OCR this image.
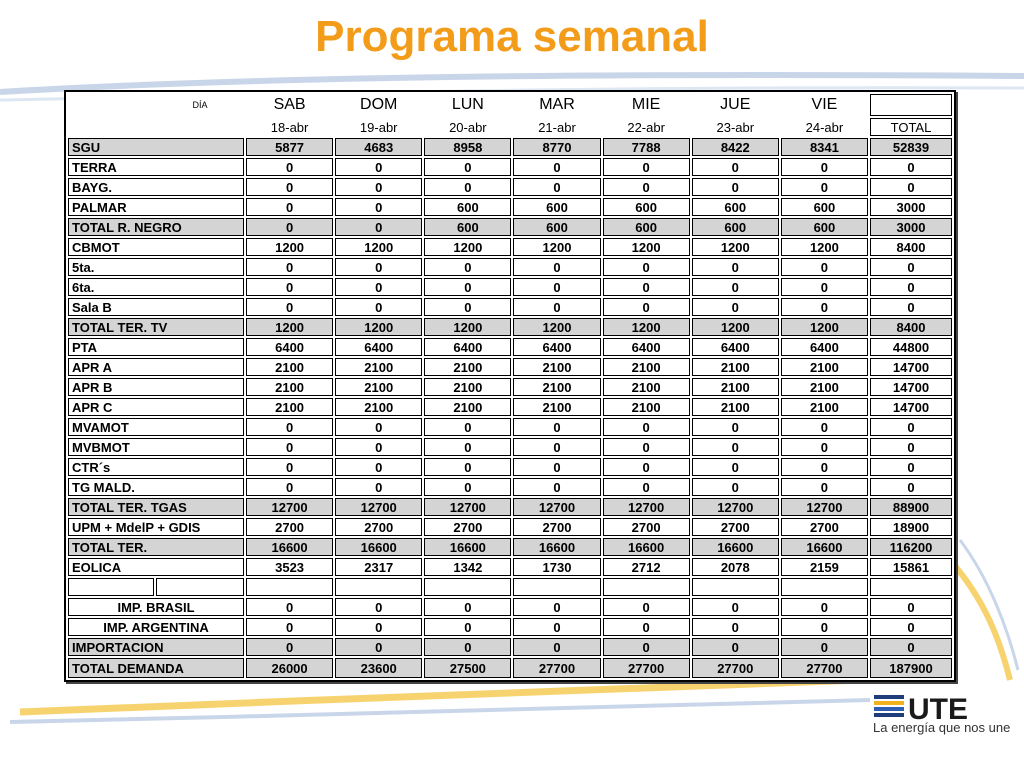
Programa semanal
	DÍA	SAB	DOM	LUN	MAR	MIE	JUE	VIE	
		18-abr	19-abr	20-abr	21-abr	22-abr	23-abr	24-abr	TOTAL
SGU		5877	4683	8958	8770	7788	8422	8341	52839
TERRA		0	0	0	0	0	0	0	0
BAYG.		0	0	0	0	0	0	0	0
PALMAR		0	0	600	600	600	600	600	3000
TOTAL R. NEGRO		0	0	600	600	600	600	600	3000
CBMOT		1200	1200	1200	1200	1200	1200	1200	8400
5ta.		0	0	0	0	0	0	0	0
6ta.		0	0	0	0	0	0	0	0
Sala B		0	0	0	0	0	0	0	0
TOTAL TER. TV		1200	1200	1200	1200	1200	1200	1200	8400
PTA		6400	6400	6400	6400	6400	6400	6400	44800
APR A		2100	2100	2100	2100	2100	2100	2100	14700
APR B		2100	2100	2100	2100	2100	2100	2100	14700
APR C		2100	2100	2100	2100	2100	2100	2100	14700
MVAMOT		0	0	0	0	0	0	0	0
MVBMOT		0	0	0	0	0	0	0	0
CTR´s		0	0	0	0	0	0	0	0
TG MALD.		0	0	0	0	0	0	0	0
TOTAL TER. TGAS		12700	12700	12700	12700	12700	12700	12700	88900
UPM + MdelP + GDIS		2700	2700	2700	2700	2700	2700	2700	18900
TOTAL TER.		16600	16600	16600	16600	16600	16600	16600	116200
EOLICA		3523	2317	1342	1730	2712	2078	2159	15861

IMP. BRASIL		0	0	0	0	0	0	0	0
IMP. ARGENTINA		0	0	0	0	0	0	0	0
IMPORTACION		0	0	0	0	0	0	0	0
TOTAL DEMANDA		26000	23600	27500	27700	27700	27700	27700	187900
UTE
La energía que nos une
